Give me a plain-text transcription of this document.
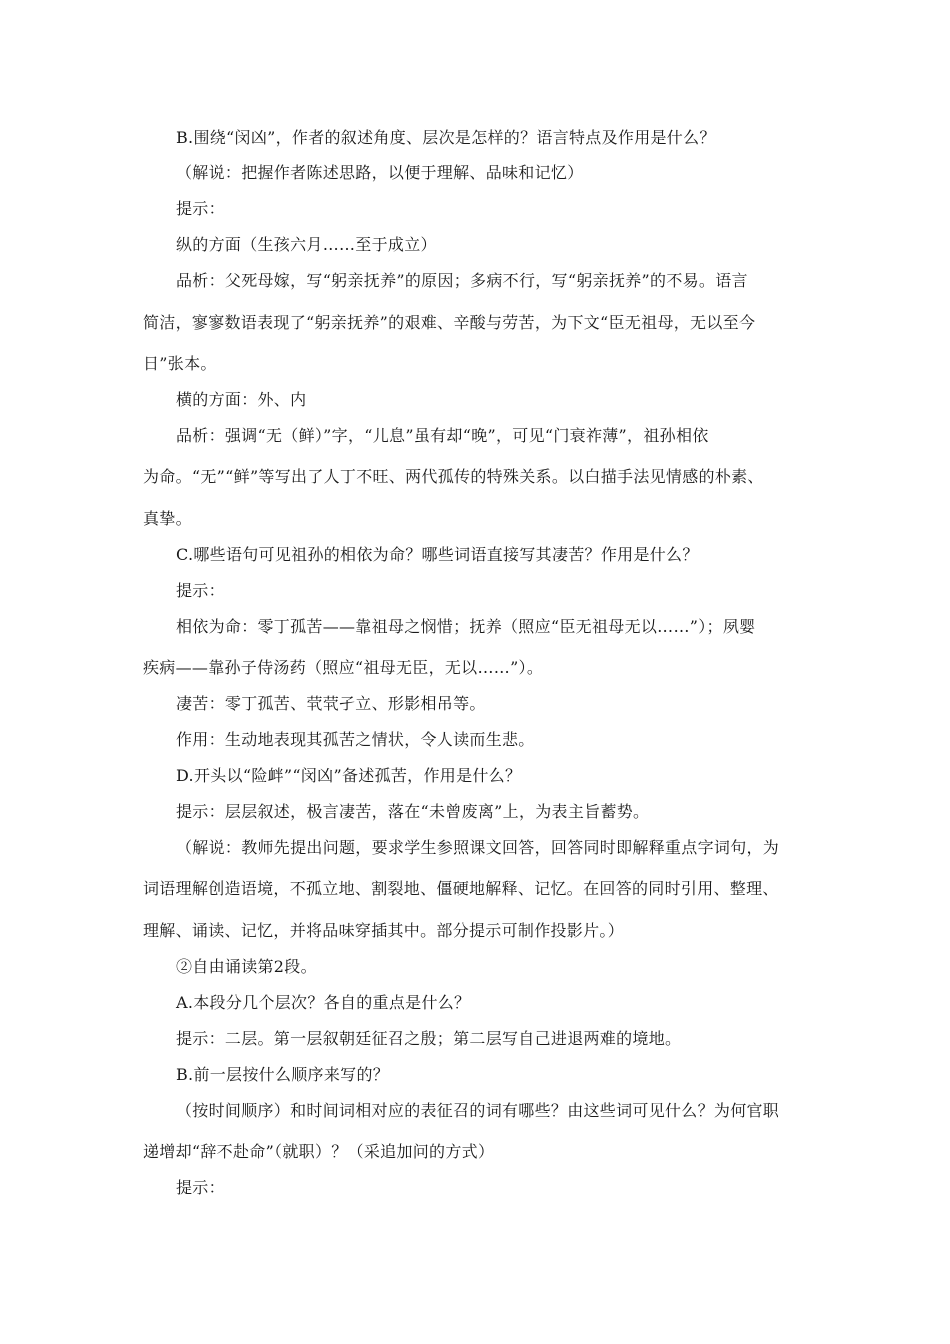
B.围绕“闵凶”，作者的叙述角度、层次是怎样的？语言特点及作用是什么？
（解说：把握作者陈述思路，以便于理解、品味和记忆）
提示：
纵的方面（生孩六月……至于成立）
品析：父死母嫁，写“躬亲抚养”的原因；多病不行，写“躬亲抚养”的不易。语言
简洁，寥寥数语表现了“躬亲抚养”的艰难、辛酸与劳苦，为下文“臣无祖母，无以至今
日”张本。
横的方面：外、内
品析：强调“无（鲜）”字，“儿息”虽有却“晚”，可见“门衰祚薄”，祖孙相依
为命。“无”“鲜”等写出了人丁不旺、两代孤传的特殊关系。以白描手法见情感的朴素、
真挚。
C.哪些语句可见祖孙的相依为命？哪些词语直接写其凄苦？作用是什么？
提示：
相依为命：零丁孤苦——靠祖母之悯惜；抚养（照应“臣无祖母无以……”）；夙婴
疾病——靠孙子侍汤药（照应“祖母无臣，无以……”）。
凄苦：零丁孤苦、茕茕孑立、形影相吊等。
作用：生动地表现其孤苦之情状，令人读而生悲。
D.开头以“险衅”“闵凶”备述孤苦，作用是什么？
提示：层层叙述，极言凄苦，落在“未曾废离”上，为表主旨蓄势。
（解说：教师先提出问题，要求学生参照课文回答，回答同时即解释重点字词句，为
词语理解创造语境，不孤立地、割裂地、僵硬地解释、记忆。在回答的同时引用、整理、
理解、诵读、记忆，并将品味穿插其中。部分提示可制作投影片。）
②自由诵读第2段。
A.本段分几个层次？各自的重点是什么？
提示：二层。第一层叙朝廷征召之殷；第二层写自己进退两难的境地。
B.前一层按什么顺序来写的？
（按时间顺序）和时间词相对应的表征召的词有哪些？由这些词可见什么？为何官职
递增却“辞不赴命”（就职）？（采追加问的方式）
提示：
